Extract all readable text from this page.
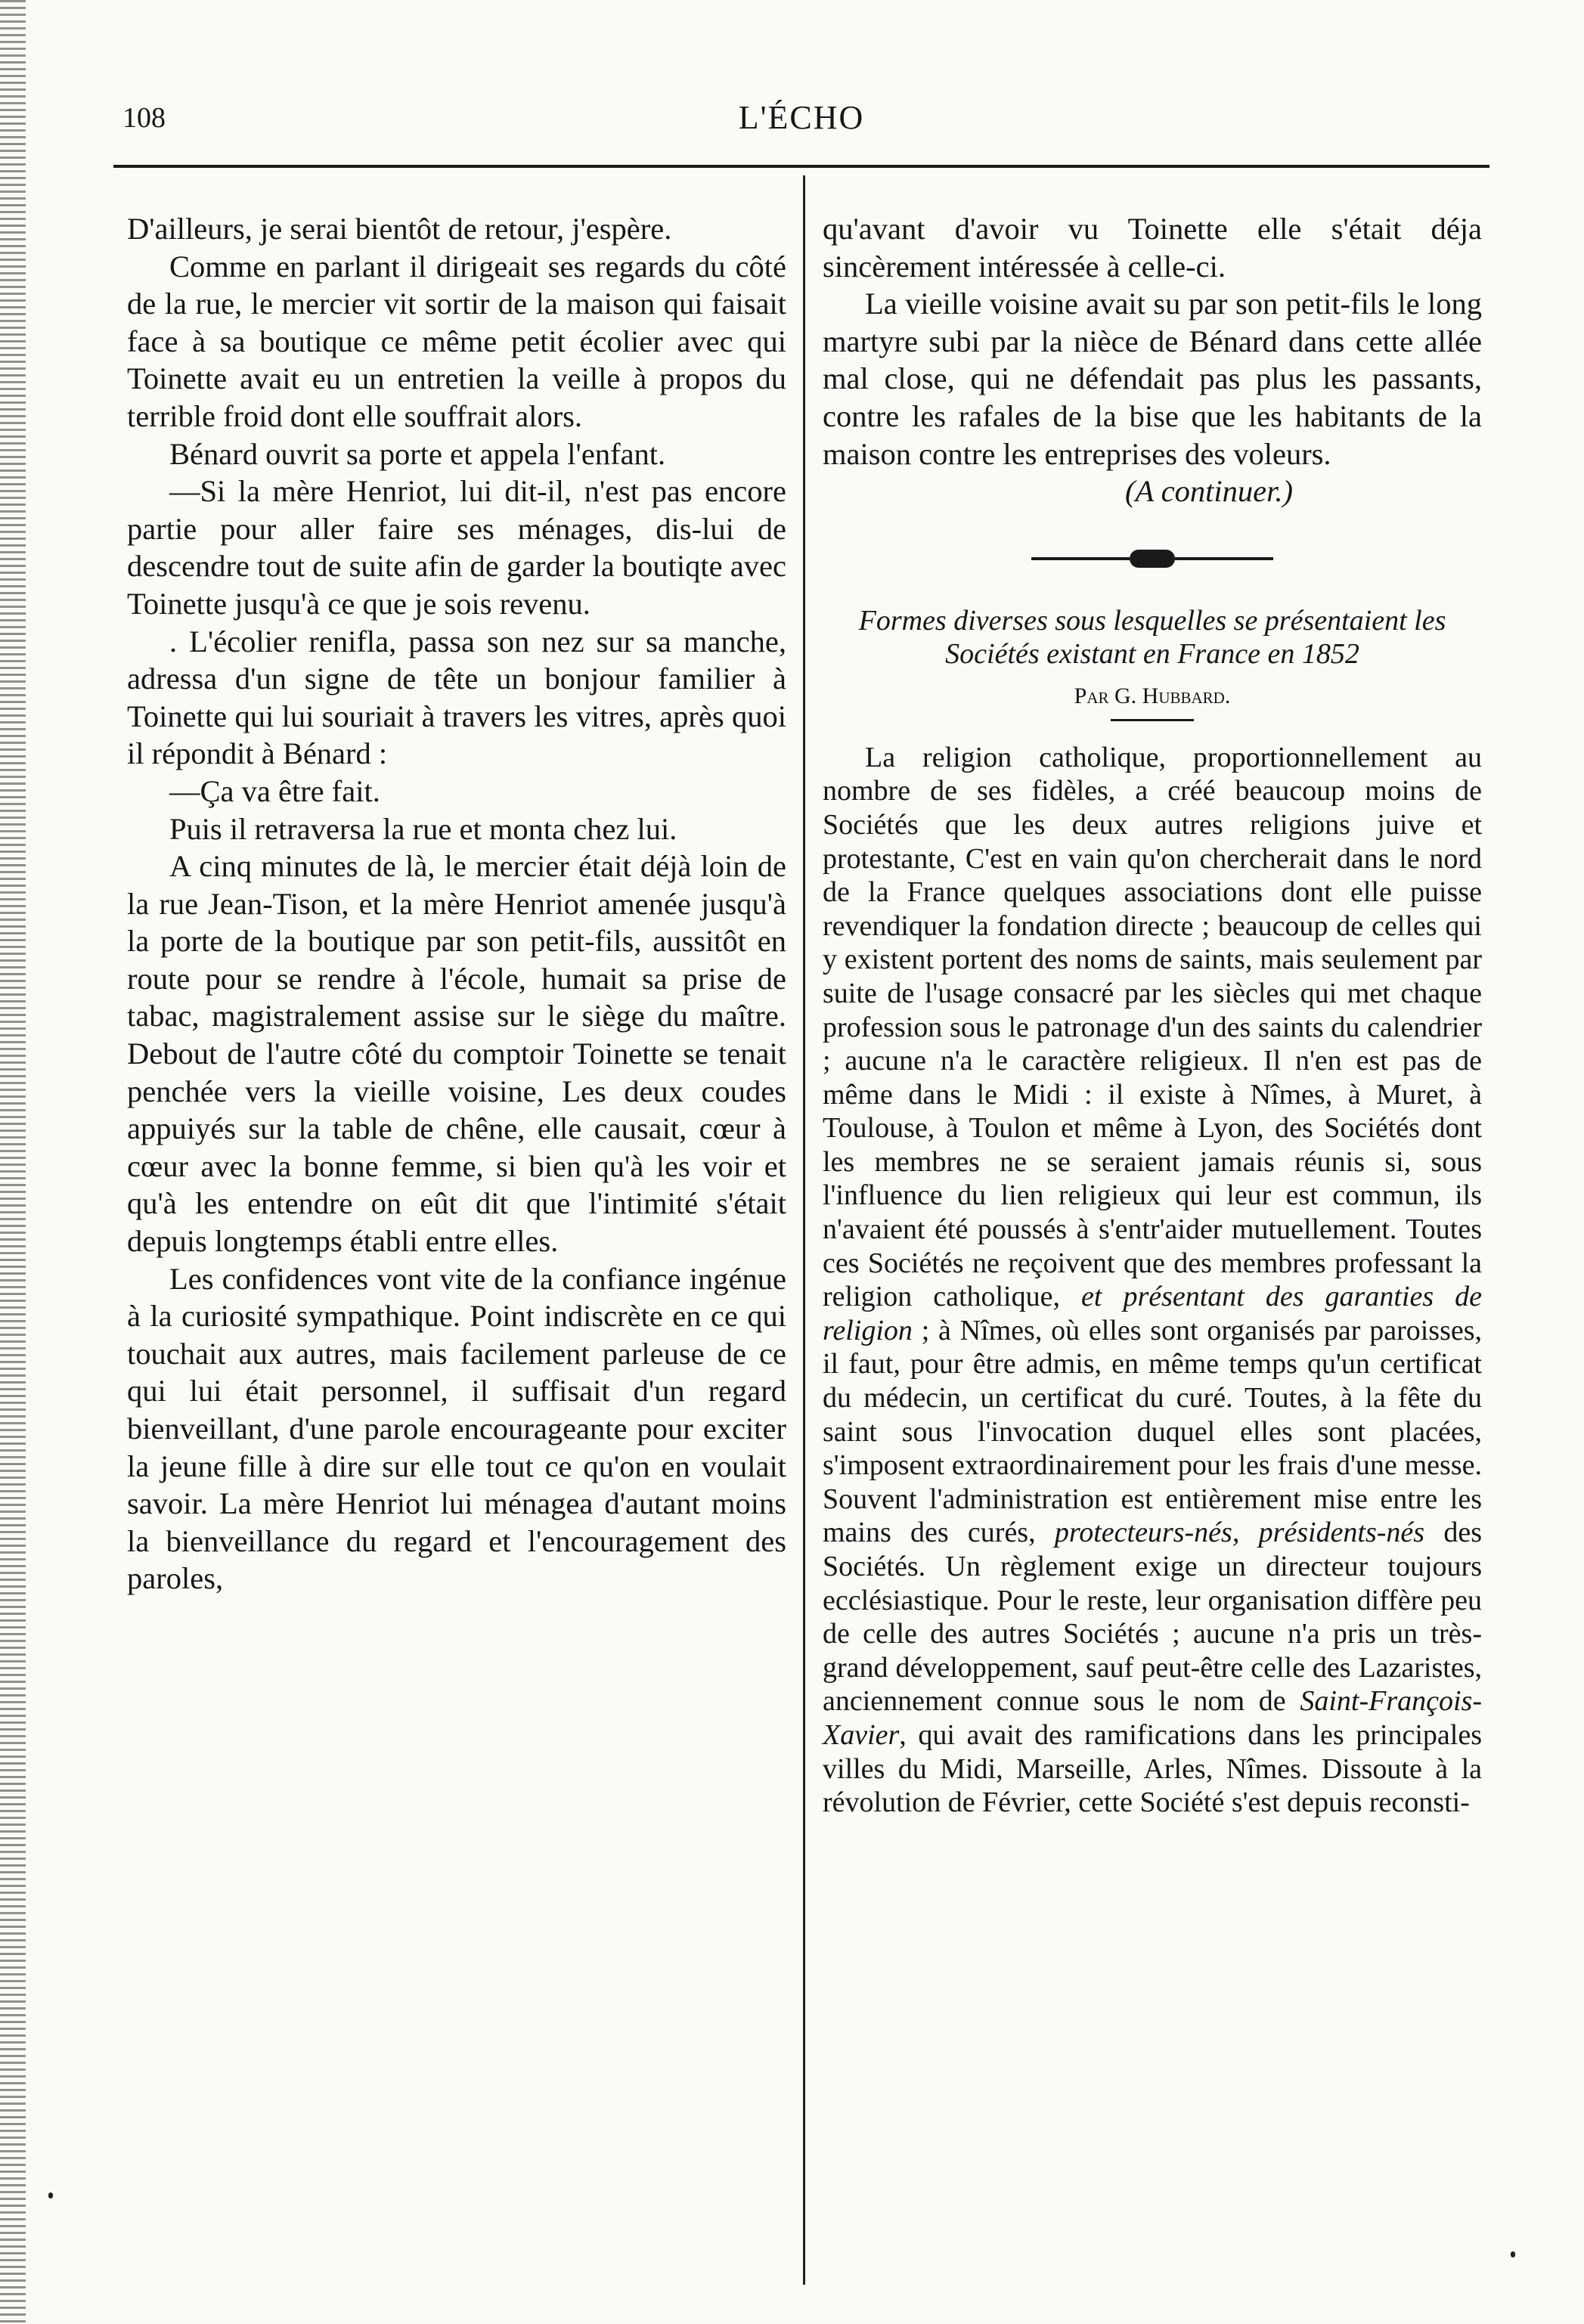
108	L'ÉCHO

D'ailleurs, je serai bientôt de retour, j'espère.

Comme en parlant il dirigeait ses regards du côté de la rue, le mercier vit sortir de la maison qui faisait face à sa boutique ce même petit écolier avec qui Toinette avait eu un entretien la veille à propos du terrible froid dont elle souffrait alors.

Bénard ouvrit sa porte et appela l'enfant.

—Si la mère Henriot, lui dit-il, n'est pas encore partie pour aller faire ses ménages, dis-lui de descendre tout de suite afin de garder la boutiqte avec Toinette jusqu'à ce que je sois revenu.

. L'écolier renifla, passa son nez sur sa manche, adressa d'un signe de tête un bonjour familier à Toinette qui lui souriait à travers les vitres, après quoi il répondit à Bénard :

—Ça va être fait.

Puis il retraversa la rue et monta chez lui.

A cinq minutes de là, le mercier était déjà loin de la rue Jean-Tison, et la mère Henriot amenée jusqu'à la porte de la boutique par son petit-fils, aussitôt en route pour se rendre à l'école, humait sa prise de tabac, magistralement assise sur le siège du maître. Debout de l'autre côté du comptoir Toinette se tenait penchée vers la vieille voisine, Les deux coudes appuiyés sur la table de chêne, elle causait, cœur à cœur avec la bonne femme, si bien qu'à les voir et qu'à les entendre on eût dit que l'intimité s'était depuis longtemps établi entre elles.

Les confidences vont vite de la confiance ingénue à la curiosité sympathique. Point indiscrète en ce qui touchait aux autres, mais facilement parleuse de ce qui lui était personnel, il suffisait d'un regard bienveillant, d'une parole encourageante pour exciter la jeune fille à dire sur elle tout ce qu'on en voulait savoir. La mère Henriot lui ménagea d'autant moins la bienveillance du regard et l'encouragement des paroles,

qu'avant d'avoir vu Toinette elle s'était déja sincèrement intéressée à celle-ci.

La vieille voisine avait su par son petit-fils le long martyre subi par la nièce de Bénard dans cette allée mal close, qui ne défendait pas plus les passants, contre les rafales de la bise que les habitants de la maison contre les entreprises des voleurs.

(A continuer.)

Formes diverses sous lesquelles se présentaient les Sociétés existant en France en 1852
Par G. Hubbard.

La religion catholique, proportionnellement au nombre de ses fidèles, a créé beaucoup moins de Sociétés que les deux autres religions juive et protestante, C'est en vain qu'on chercherait dans le nord de la France quelques associations dont elle puisse revendiquer la fondation directe ; beaucoup de celles qui y existent portent des noms de saints, mais seulement par suite de l'usage consacré par les siècles qui met chaque profession sous le patronage d'un des saints du calendrier ; aucune n'a le caractère religieux. Il n'en est pas de même dans le Midi : il existe à Nîmes, à Muret, à Toulouse, à Toulon et même à Lyon, des Sociétés dont les membres ne se seraient jamais réunis si, sous l'influence du lien religieux qui leur est commun, ils n'avaient été poussés à s'entr'aider mutuellement. Toutes ces Sociétés ne reçoivent que des membres professant la religion catholique, et présentant des garanties de religion ; à Nîmes, où elles sont organisés par paroisses, il faut, pour être admis, en même temps qu'un certificat du médecin, un certificat du curé. Toutes, à la fête du saint sous l'invocation duquel elles sont placées, s'imposent extraordinairement pour les frais d'une messe. Souvent l'administration est entièrement mise entre les mains des curés, protecteurs-nés, présidents-nés des Sociétés. Un règlement exige un directeur toujours ecclésiastique. Pour le reste, leur organisation diffère peu de celle des autres Sociétés ; aucune n'a pris un très-grand développement, sauf peut-être celle des Lazaristes, anciennement connue sous le nom de Saint-François-Xavier, qui avait des ramifications dans les principales villes du Midi, Marseille, Arles, Nîmes. Dissoute à la révolution de Février, cette Société s'est depuis reconsti-
